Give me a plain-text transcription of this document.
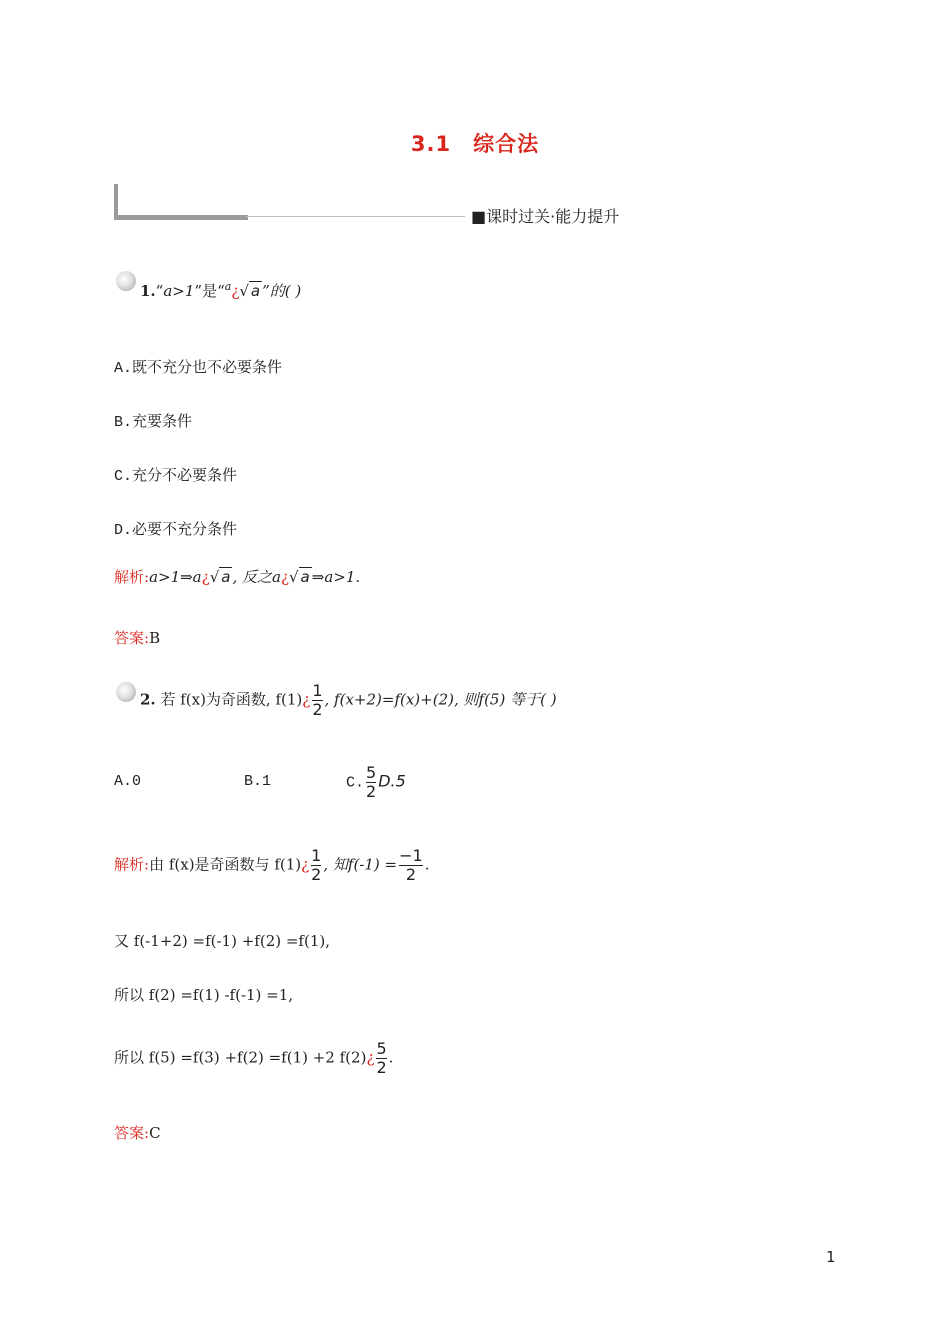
3.1　综合法
■课时过关·能力提升
1.“a>1”是“$^a$¿√ a ”的( )
A.既不充分也不必要条件
B.充要条件
C.充分不必要条件
D.必要不充分条件
解析:a>1⇒a¿√ a , 反之a¿√ a ⇒a>1.
答案:B
2. 若 f(x)为奇函数, f(1)¿ $\frac{1}{2}$ , f(x+2)=f(x)+(2), 则f(5) 等于( )
A.0	B.1	C. $\frac{5}{2} D.5$
解析:由 f(x)是奇函数与 f(1)¿ $\frac{1}{2}$ , 知$f(-1) = \frac{-1}{2}$ .
又 f(-1+2) =f(-1) +f(2) =f(1),
所以 f(2) =f(1) -f(-1) =1,
所以 f(5) =f(3) +f(2) =f(1) +2 f(2)¿ $\frac{5}{2}$ .
答案:C
1
